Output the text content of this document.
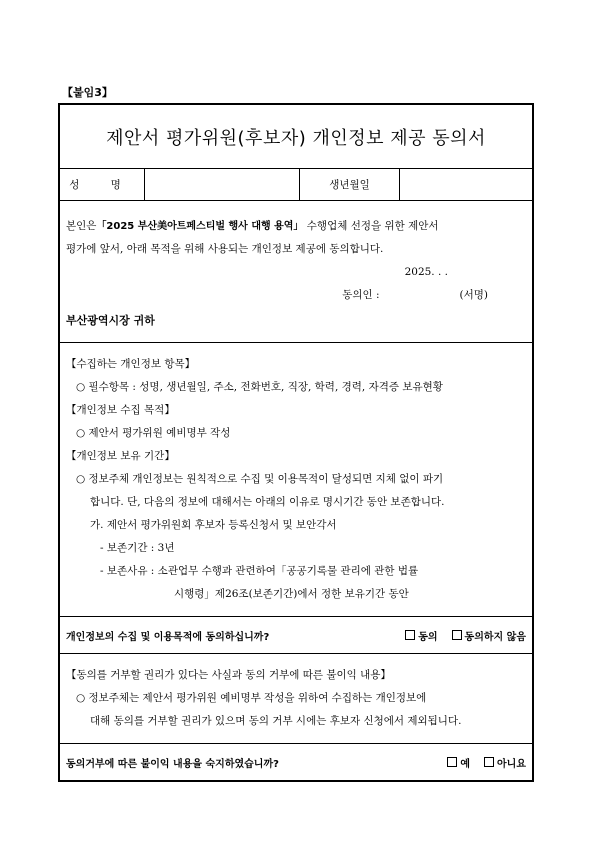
【붙임3】
제안서 평가위원(후보자) 개인정보 제공 동의서
성 명	생년월일
본인은「2025 부산美아트페스티벌 행사 대행 용역」 수행업체 선정을 위한 제안서
평가에 앞서, 아래 목적을 위해 사용되는 개인정보 제공에 동의합니다.
2025. . .
동의인 :	(서명)
부산광역시장 귀하
【수집하는 개인정보 항목】
○ 필수항목 : 성명, 생년월일, 주소, 전화번호, 직장, 학력, 경력, 자격증 보유현황
【개인정보 수집 목적】
○ 제안서 평가위원 예비명부 작성
【개인정보 보유 기간】
○ 정보주체 개인정보는 원칙적으로 수집 및 이용목적이 달성되면 지체 없이 파기
합니다. 단, 다음의 정보에 대해서는 아래의 이유로 명시기간 동안 보존합니다.
가. 제안서 평가위원회 후보자 등록신청서 및 보안각서
- 보존기간 : 3년
- 보존사유 : 소관업무 수행과 관련하여「공공기록물 관리에 관한 법률
시행령」제26조(보존기간)에서 정한 보유기간 동안
개인정보의 수집 및 이용목적에 동의하십니까?	동의	동의하지 않음
【동의를 거부할 권리가 있다는 사실과 동의 거부에 따른 불이익 내용】
○ 정보주체는 제안서 평가위원 예비명부 작성을 위하여 수집하는 개인정보에
대해 동의를 거부할 권리가 있으며 동의 거부 시에는 후보자 신청에서 제외됩니다.
동의거부에 따른 불이익 내용을 숙지하였습니까?	예	아니요
